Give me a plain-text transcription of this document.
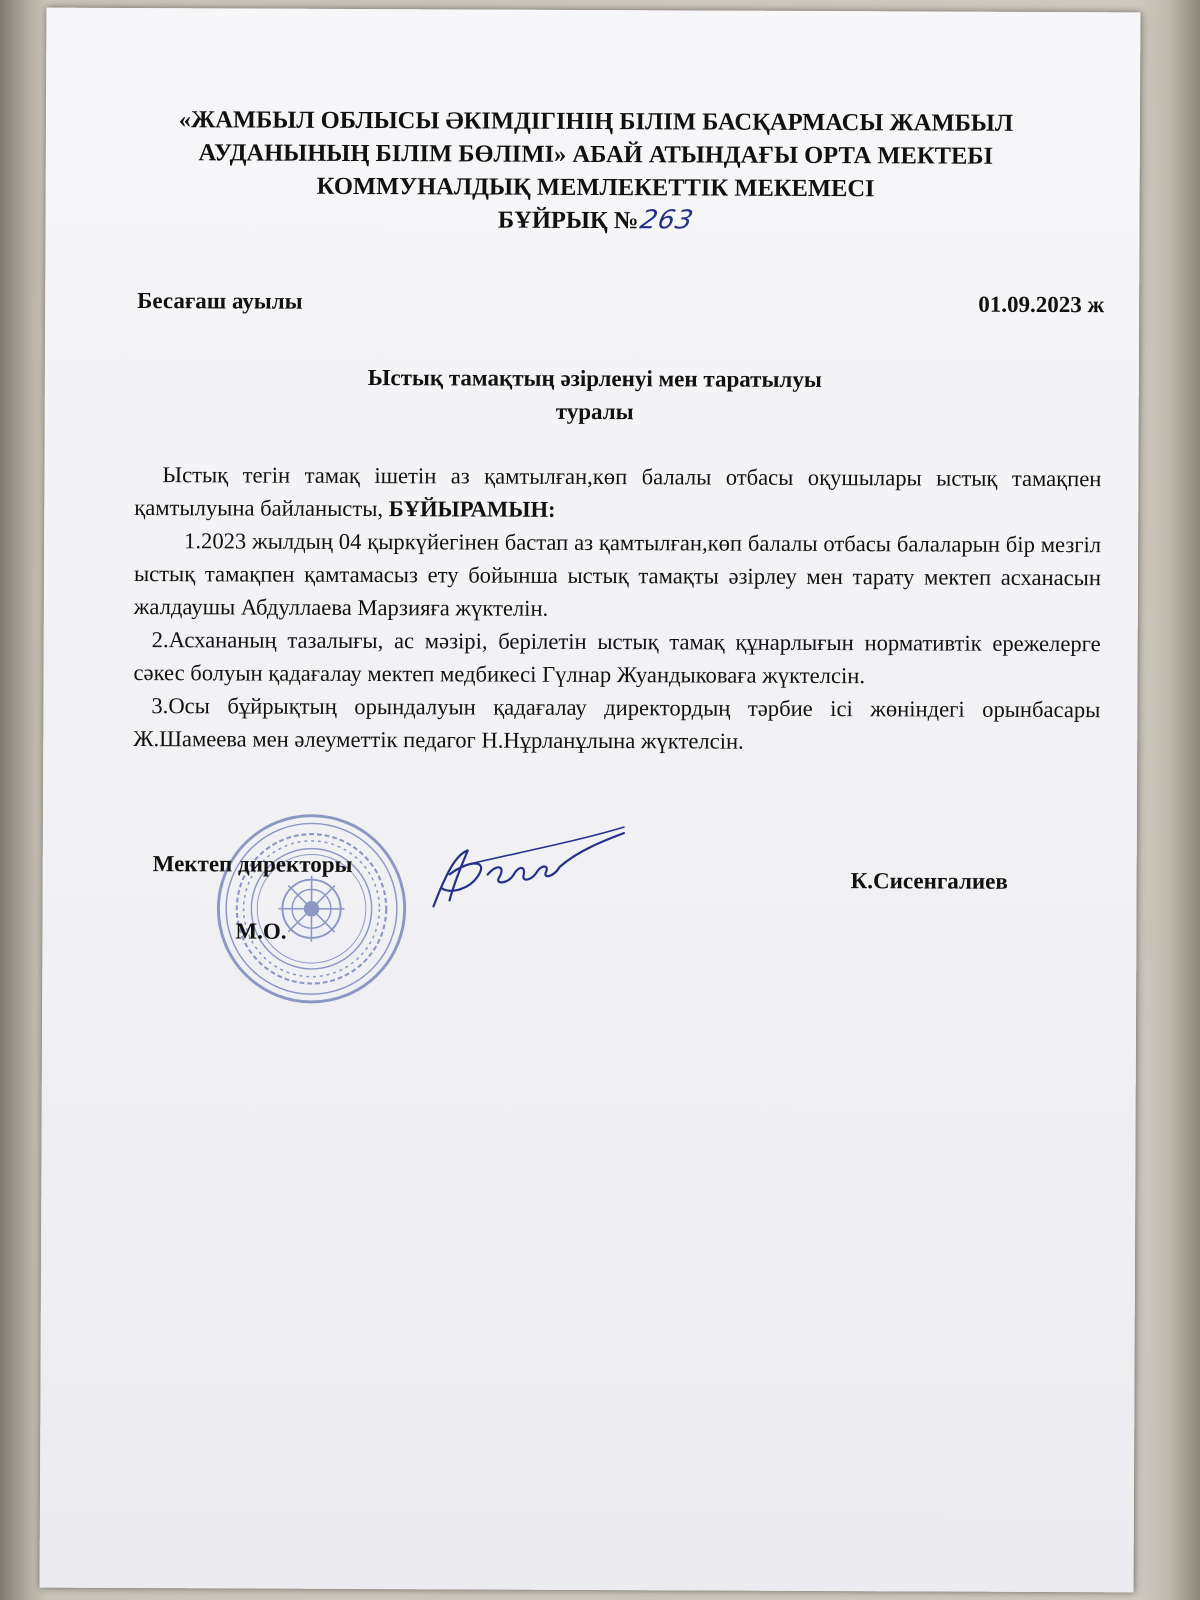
«ЖАМБЫЛ ОБЛЫСЫ ӘКІМДІГІНІҢ БІЛІМ БАСҚАРМАСЫ ЖАМБЫЛ
АУДАНЫНЫҢ БІЛІМ БӨЛІМІ» АБАЙ АТЫНДАҒЫ ОРТА МЕКТЕБІ
КОММУНАЛДЫҚ МЕМЛЕКЕТТІК МЕКЕМЕСІ
БҰЙРЫҚ №263
Бесағаш ауылы	01.09.2023 ж
Ыстық тамақтың әзірленуі мен таратылуы
туралы

Ыстық тегін тамақ ішетін аз қамтылған,көп балалы отбасы оқушылары ыстық тамақпен қамтылуына байланысты, БҰЙЫРАМЫН:

1.2023 жылдың 04 қыркүйегінен бастап аз қамтылған,көп балалы отбасы балаларын бір мезгіл ыстық тамақпен қамтамасыз ету бойынша ыстық тамақты әзірлеу мен тарату мектеп асханасын жалдаушы Абдуллаева Марзияға жүктелін.

2.Асхананың тазалығы, ас мәзірі, берілетін ыстық тамақ құнарлығын нормативтік ережелерге сәкес болуын қадағалау мектеп медбикесі Гүлнар Жуандыковаға жүктелсін.

3.Осы бұйрықтың орындалуын қадағалау директордың тәрбие ісі жөніндегі орынбасары Ж.Шамеева мен әлеуметтік педагог Н.Нұрланұлына жүктелсін.

Мектеп директоры
М.О.
К.Сисенгалиев
